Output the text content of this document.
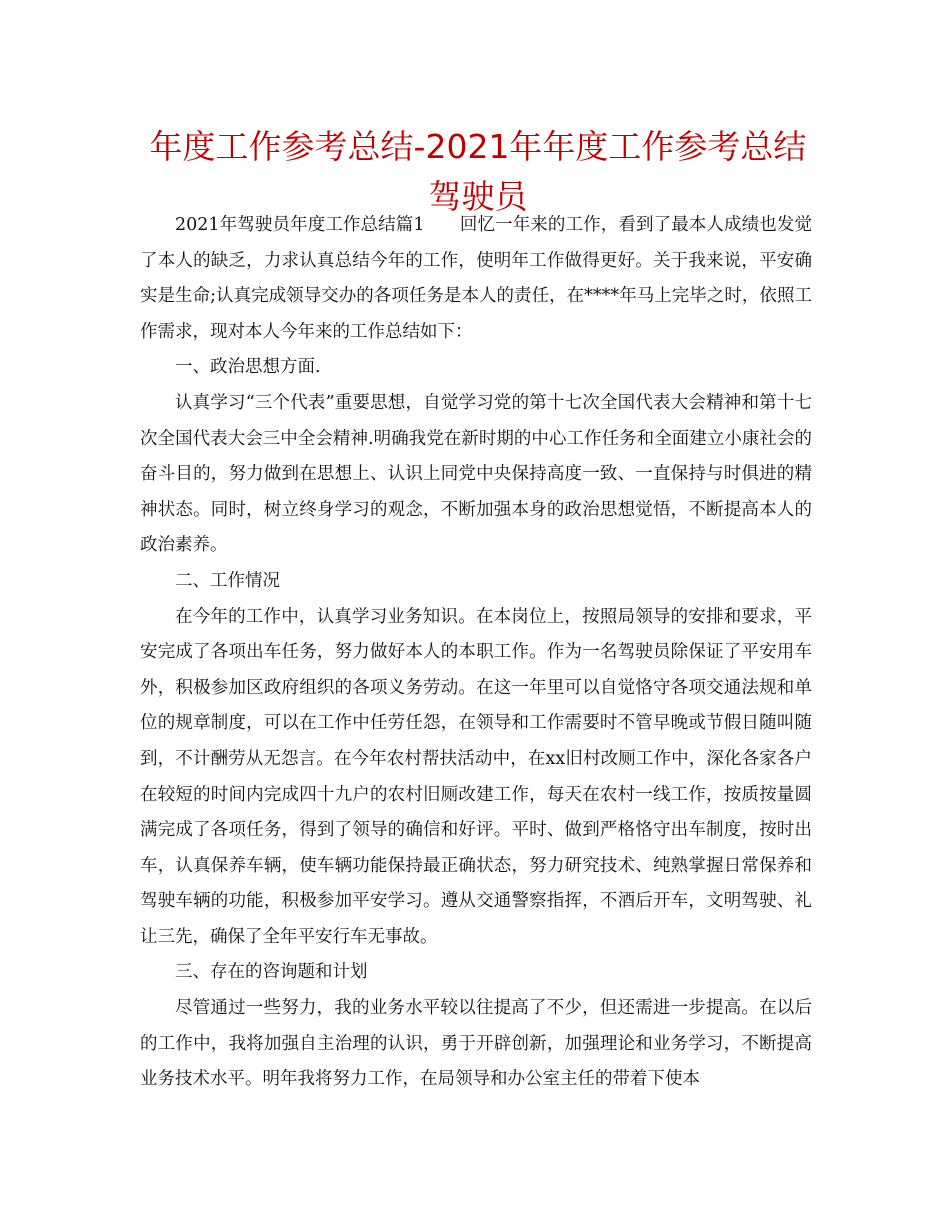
年度工作参考总结-2021年年度工作参考总结驾驶员

2021年驾驶员年度工作总结篇1　　回忆一年来的工作，看到了最本人成绩也发觉了本人的缺乏，力求认真总结今年的工作，使明年工作做得更好。关于我来说，平安确实是生命;认真完成领导交办的各项任务是本人的责任，在****年马上完毕之时，依照工作需求，现对本人今年来的工作总结如下：

一、政治思想方面.

认真学习“三个代表”重要思想，自觉学习党的第十七次全国代表大会精神和第十七次全国代表大会三中全会精神.明确我党在新时期的中心工作任务和全面建立小康社会的奋斗目的，努力做到在思想上、认识上同党中央保持高度一致、一直保持与时俱进的精神状态。同时，树立终身学习的观念，不断加强本身的政治思想觉悟，不断提高本人的政治素养。

二、工作情况

在今年的工作中，认真学习业务知识。在本岗位上，按照局领导的安排和要求，平安完成了各项出车任务，努力做好本人的本职工作。作为一名驾驶员除保证了平安用车外，积极参加区政府组织的各项义务劳动。在这一年里可以自觉恪守各项交通法规和单位的规章制度，可以在工作中任劳任怨，在领导和工作需要时不管早晚或节假日随叫随到，不计酬劳从无怨言。在今年农村帮扶活动中，在xx旧村改厕工作中，深化各家各户在较短的时间内完成四十九户的农村旧厕改建工作，每天在农村一线工作，按质按量圆满完成了各项任务，得到了领导的确信和好评。平时、做到严格恪守出车制度，按时出车，认真保养车辆，使车辆功能保持最正确状态，努力研究技术、纯熟掌握日常保养和驾驶车辆的功能，积极参加平安学习。遵从交通警察指挥，不酒后开车，文明驾驶、礼让三先，确保了全年平安行车无事故。

三、存在的咨询题和计划

尽管通过一些努力，我的业务水平较以往提高了不少，但还需进一步提高。在以后的工作中，我将加强自主治理的认识，勇于开辟创新，加强理论和业务学习，不断提高业务技术水平。明年我将努力工作，在局领导和办公室主任的带着下使本
